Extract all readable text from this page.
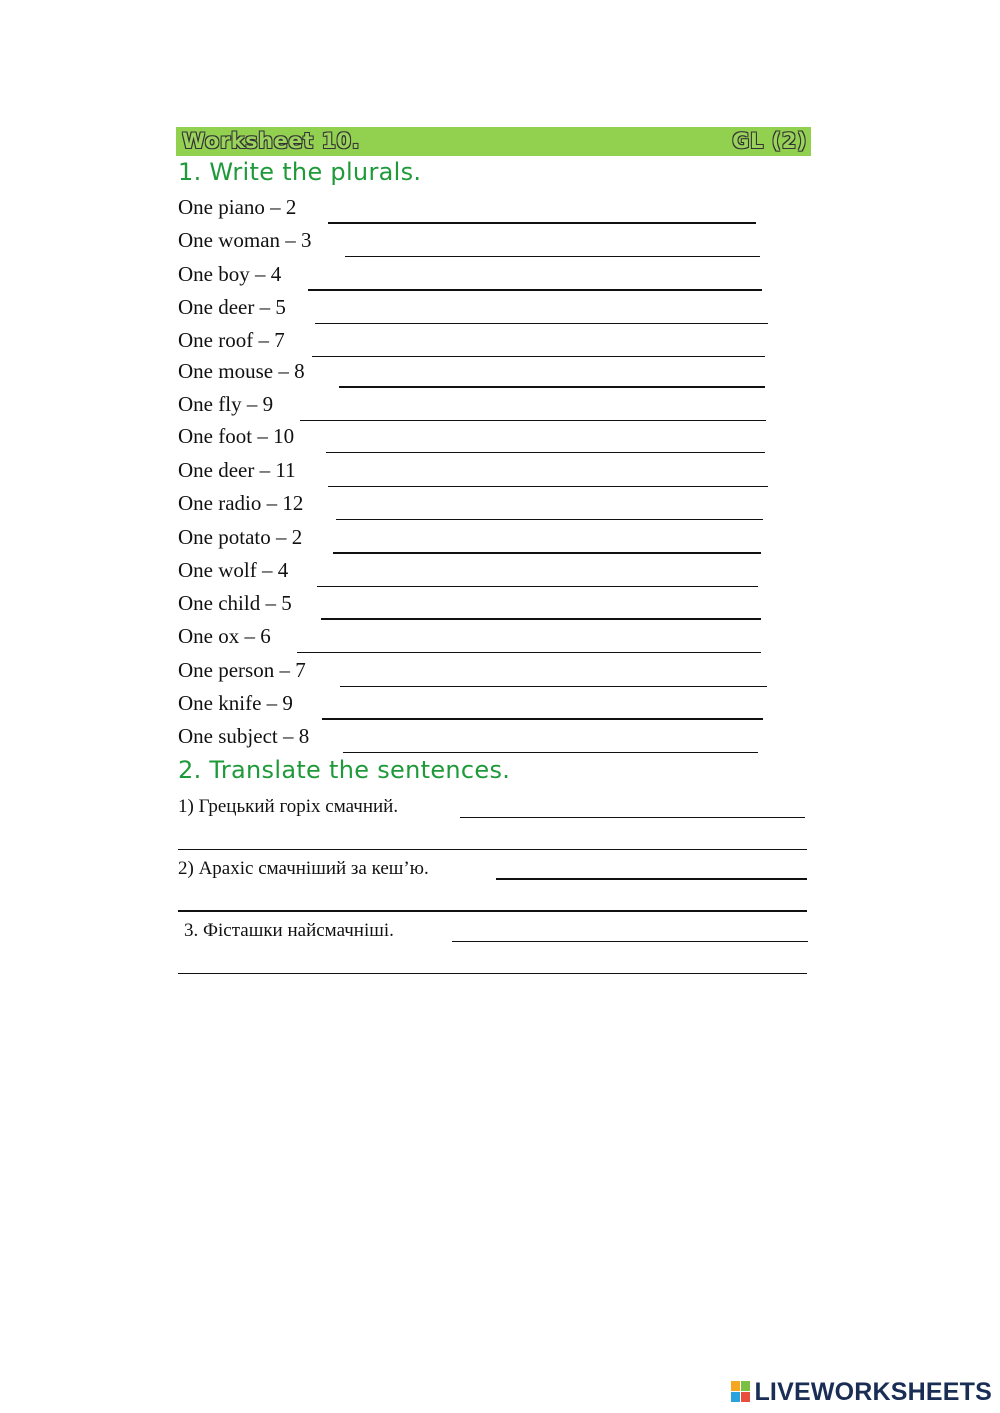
Worksheet 10.	GL (2)
1. Write the plurals.
One piano – 2
One woman – 3
One boy – 4
One deer – 5
One roof – 7
One mouse – 8
One fly – 9
One foot – 10
One deer – 11
One radio – 12
One potato – 2
One wolf – 4
One child – 5
One ox – 6
One person – 7
One knife – 9
One subject – 8
2. Translate the sentences.
1) Грецький горіх смачний.
2) Арахіс смачніший за кеш’ю.
3. Фісташки найсмачніші.
LIVEWORKSHEETS
